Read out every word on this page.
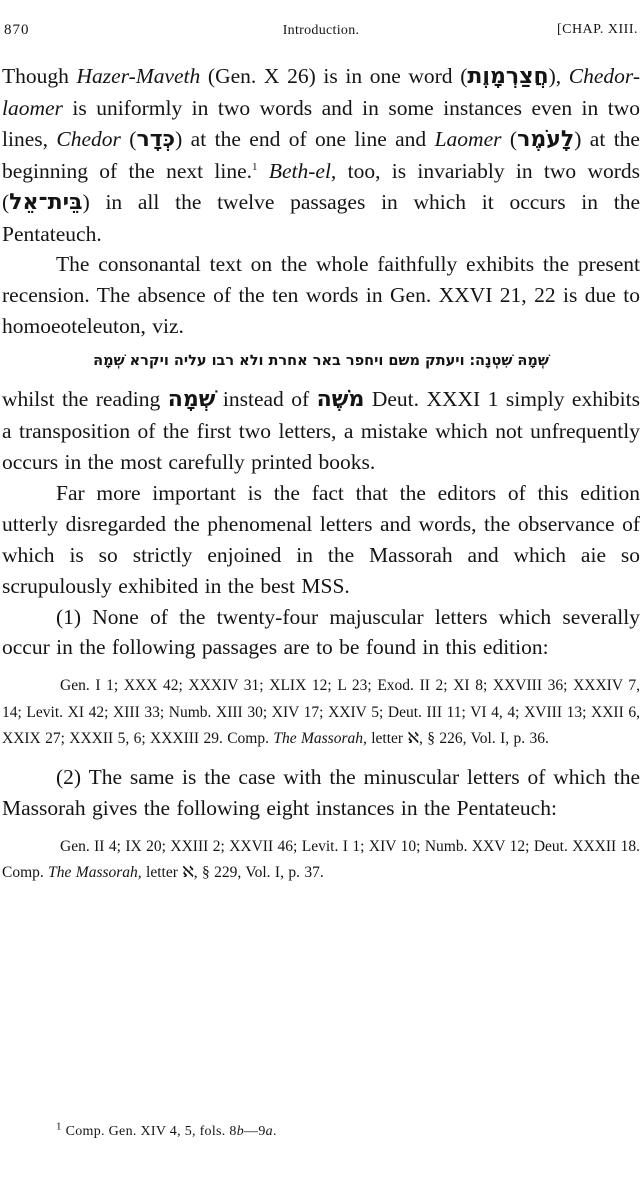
870	Introduction.	[CHAP. XIII.

Though Hazer-Maveth (Gen. X 26) is in one word (חֲצַרְמָוֶת), Chedor-laomer is uniformly in two words and in some instances even in two lines, Chedor (כְּדָר) at the end of one line and Laomer (לָעֹמֶר) at the beginning of the next line.$^1$ Beth-el, too, is invariably in two words (בֵּית־אֵל) in all the twelve passages in which it occurs in the Pentateuch.

The consonantal text on the whole faithfully exhibits the present recension. The absence of the ten words in Gen. XXVI 21, 22 is due to homoeoteleuton, viz.

שְׁמָהּ שִׁטְנָה׃ ויעתק משם ויחפר באר אחרת ולא רבו עליה ויקרא שְׁמָהּ

whilst the reading שְׁמָה instead of מֹשֶׁה Deut. XXXI 1 simply exhibits a transposition of the first two letters, a mistake which not unfrequently occurs in the most carefully printed books.

Far more important is the fact that the editors of this edition utterly disregarded the phenomenal letters and words, the observance of which is so strictly enjoined in the Massorah and which aie so scrupulously exhibited in the best MSS.

(1) None of the twenty-four majuscular letters which severally occur in the following passages are to be found in this edition:

Gen. I 1; XXX 42; XXXIV 31; XLIX 12; L 23; Exod. II 2; XI 8; XXVIII 36; XXXIV 7, 14; Levit. XI 42; XIII 33; Numb. XIII 30; XIV 17; XXIV 5; Deut. III 11; VI 4, 4; XVIII 13; XXII 6, XXIX 27; XXXII 5, 6; XXXIII 29. Comp. The Massorah, letter ℵ, § 226, Vol. I, p. 36.

(2) The same is the case with the minuscular letters of which the Massorah gives the following eight instances in the Pentateuch:

Gen. II 4; IX 20; XXIII 2; XXVII 46; Levit. I 1; XIV 10; Numb. XXV 12; Deut. XXXII 18. Comp. The Massorah, letter ℵ, § 229, Vol. I, p. 37.

$^1$ Comp. Gen. XIV 4, 5, fols. 8b—9a.
